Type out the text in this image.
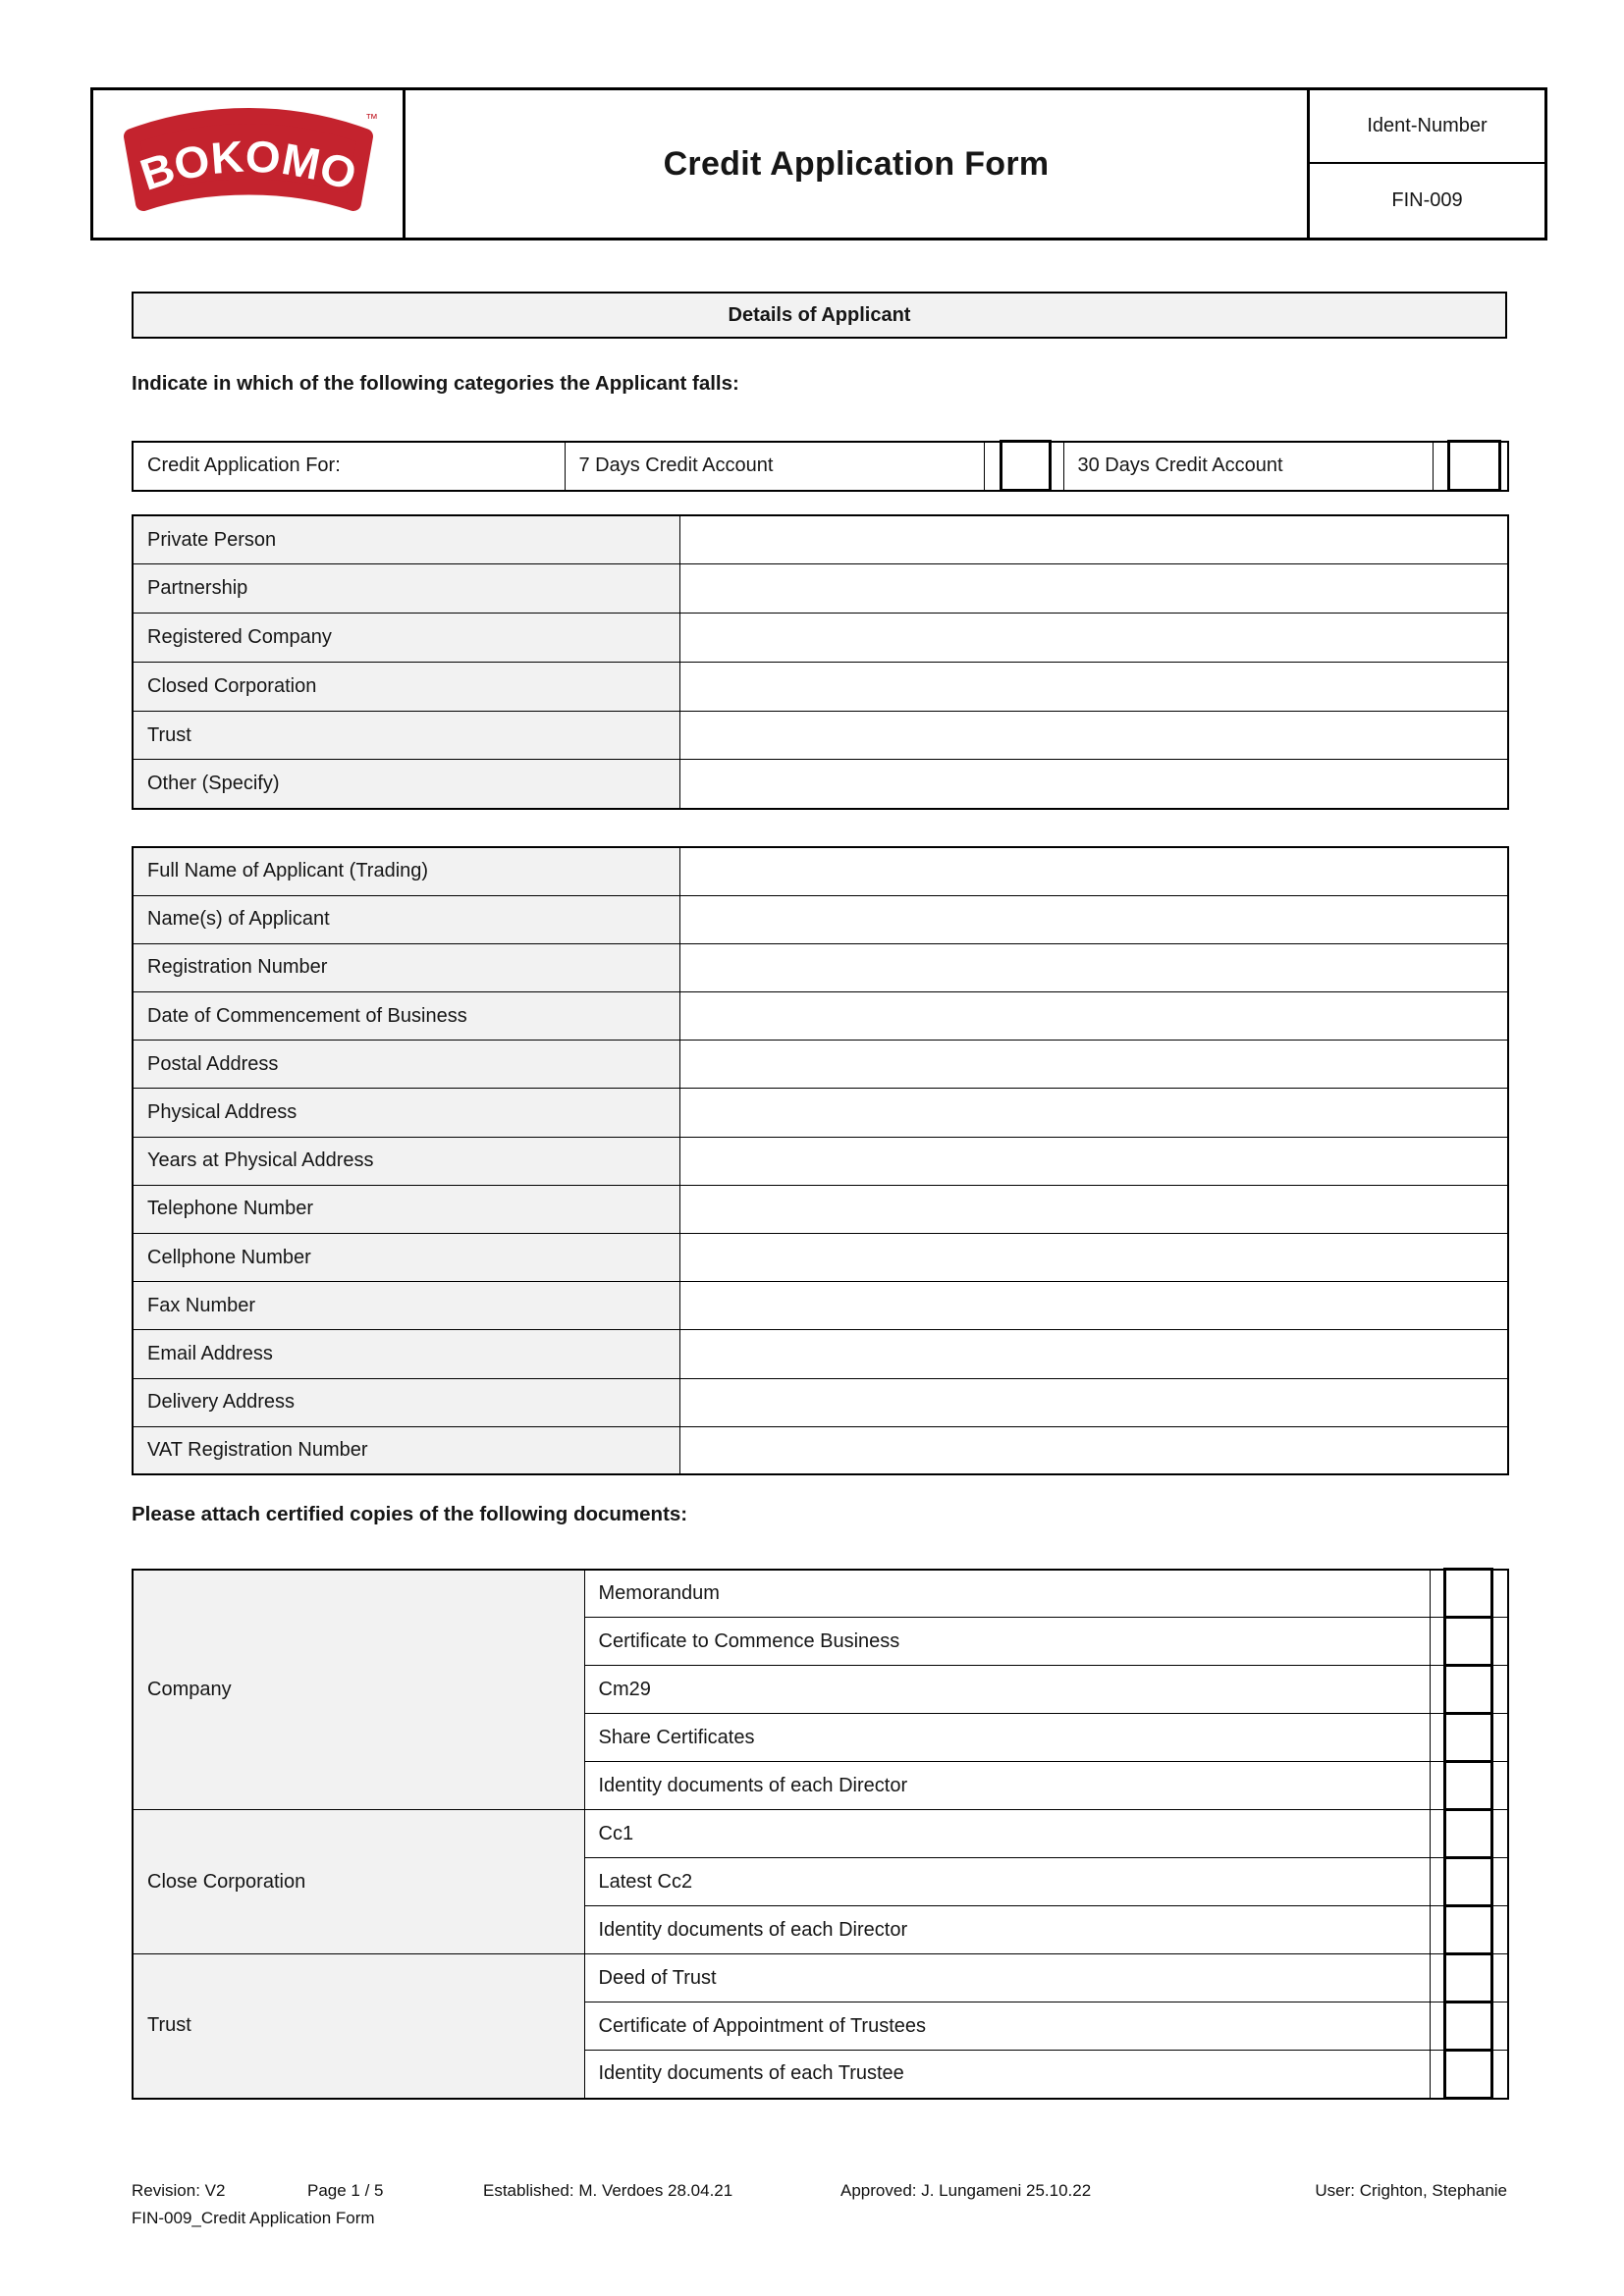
BOKOMO
™
	Credit Application Form	
Ident-Number
FIN-009
Details of Applicant
Indicate in which of the following categories the Applicant falls:
Credit Application For:	7 Days Credit Account				30 Days Credit Account			
Private Person	
Partnership	
Registered Company	
Closed Corporation	
Trust	
Other (Specify)	
Full Name of Applicant (Trading)	
Name(s) of Applicant	
Registration Number	
Date of Commencement of Business	
Postal Address	
Physical Address	
Years at Physical Address	
Telephone Number	
Cellphone Number	
Fax Number	
Email Address	
Delivery Address	
VAT Registration Number	
Please attach certified copies of the following documents:
Company	Memorandum			
	Certificate to Commence Business			
	Cm29			
	Share Certificates			
	Identity documents of each Director			
Close Corporation	Cc1			
	Latest Cc2			
	Identity documents of each Director			
Trust	Deed of Trust			
	Certificate of Appointment of Trustees			
	Identity documents of each Trustee			
Revision: V2	Page 1 / 5	Established: M. Verdoes 28.04.21	Approved: J. Lungameni 25.10.22	User: Crighton, Stephanie
FIN-009_Credit Application Form
